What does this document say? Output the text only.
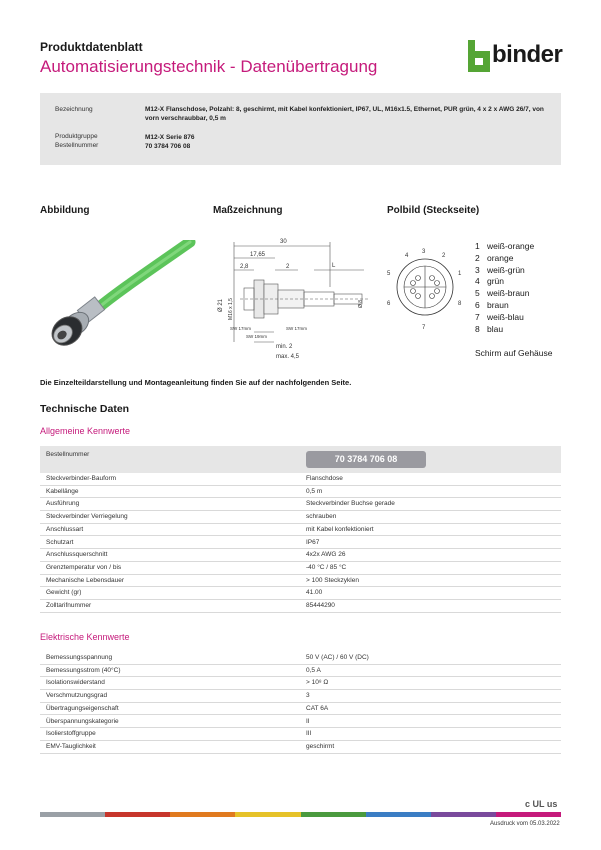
Produktdatenblatt
Automatisierungstechnik - Datenübertragung	binder
Bezeichnung	M12-X Flanschdose, Polzahl: 8, geschirmt, mit Kabel konfektioniert, IP67, UL, M16x1.5, Ethernet, PUR grün, 4 x 2 x AWG 26/7, von vorn verschraubbar, 0,5 m
Produktgruppe	M12-X Serie 876
Bestellnummer	70 3784 706 08
Abbildung	Maßzeichnung	Polbild (Steckseite)
30
17,65
2,8	2	L
Ø 21 M16 x 1,5	Ø 8
SW 17mm	SW 17mm
SW 19mm
min. 2
max. 4,5
4
3
2
5	1
6	8
7
1 weiß-orange
2 orange
3 weiß-grün
4 grün
5 weiß-braun
6 braun
7 weiß-blau
8 blau
Schirm auf Gehäuse
Die Einzelteildarstellung und Montageanleitung finden Sie auf der nachfolgenden Seite.
Technische Daten
Allgemeine Kennwerte
Bestellnummer	70 3784 706 08
Steckverbinder-Bauform	Flanschdose
Kabellänge	0,5 m
Ausführung	Steckverbinder Buchse gerade
Steckverbinder Verriegelung	schrauben
Anschlussart	mit Kabel konfektioniert
Schutzart	IP67
Anschlussquerschnitt	4x2x AWG 26
Grenztemperatur von / bis	-40 °C / 85 °C
Mechanische Lebensdauer	> 100 Steckzyklen
Gewicht (gr)	41.00
Zolltarifnummer	85444290
Elektrische Kennwerte
Bemessungsspannung	50 V (AC) / 60 V (DC)
Bemessungsstrom (40°C)	0,5 A
Isolationswiderstand	> 10⁸ Ω
Verschmutzungsgrad	3
Übertragungseigenschaft	CAT 6A
Überspannungskategorie	II
Isolierstoffgruppe	III
EMV-Tauglichkeit	geschirmt
c UL us
Ausdruck vom 05.03.2022
